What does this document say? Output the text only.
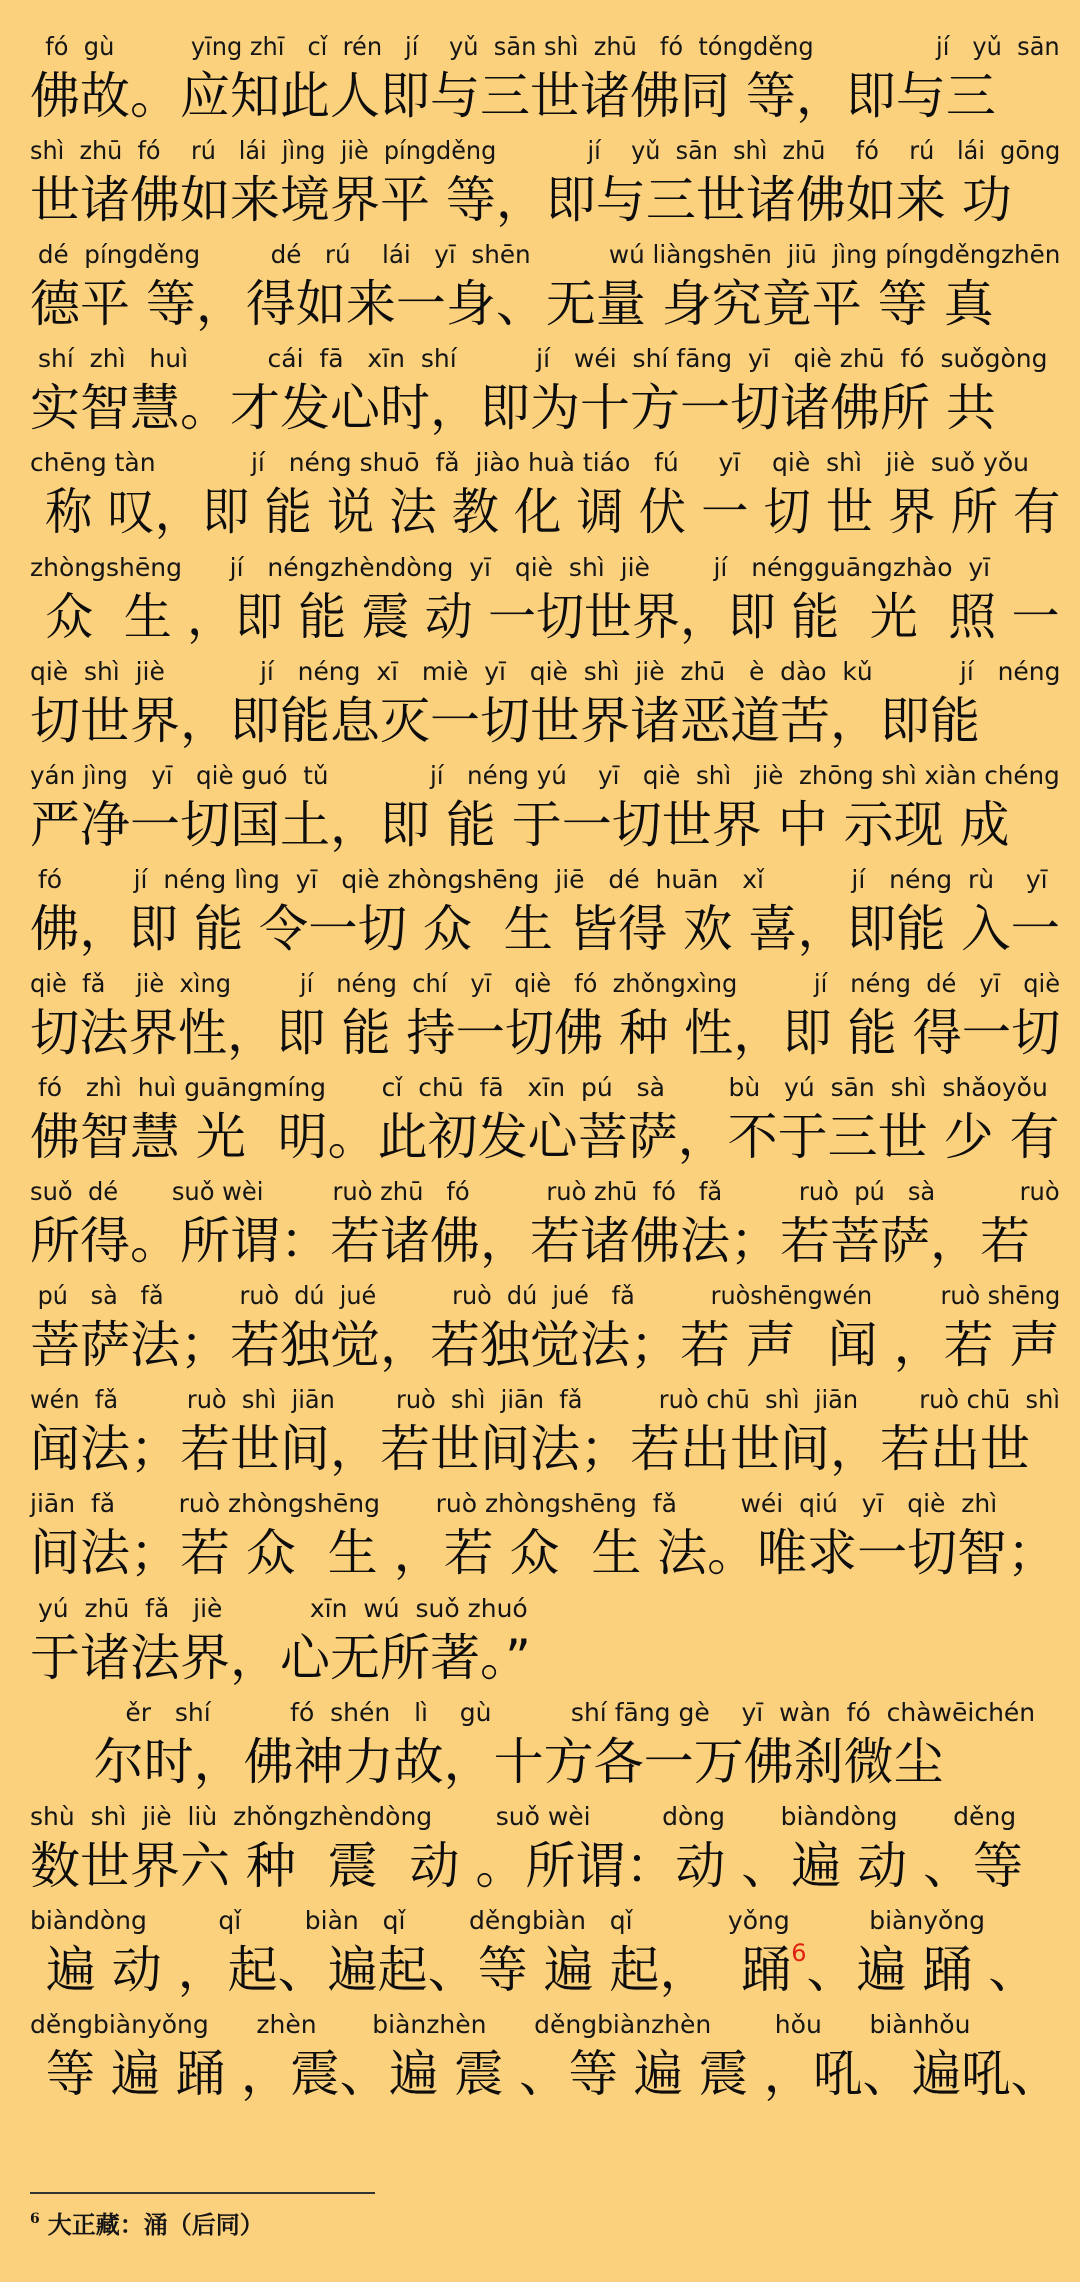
fó  gù          yīng zhī   cǐ  rén   jí    yǔ  sān shì  zhū   fó  tóngděng                jí   yǔ  sān
佛故。应知此人即与三世诸佛同 等，即与三
shì  zhū  fó    rú   lái  jìng  jiè  píngděng            jí    yǔ  sān  shì  zhū    fó    rú   lái  gōng
世诸佛如来境界平 等，即与三世诸佛如来 功
dé  píngděng         dé   rú    lái   yī  shēn          wú liàngshēn  jiū  jìng píngděngzhēn
德平 等，得如来一身、无量 身究竟平 等 真
shí  zhì   huì          cái  fā   xīn  shí          jí   wéi  shí fāng  yī   qiè zhū  fó  suǒgòng
实智慧。才发心时，即为十方一切诸佛所 共
chēng tàn            jí   néng shuō  fǎ  jiào huà tiáo   fú     yī    qiè  shì   jiè  suǒ yǒu
称 叹，即 能 说 法 教 化 调 伏 一 切 世 界 所 有
zhòngshēng      jí   néngzhèndòng  yī   qiè  shì  jiè        jí   néngguāngzhào  yī
众  生 ，即 能 震 动 一切世界，即 能  光  照 一
qiè  shì  jiè            jí   néng  xī   miè  yī   qiè  shì  jiè  zhū   è  dào  kǔ           jí   néng
切世界，即能息灭一切世界诸恶道苦，即能
yán jìng   yī   qiè guó  tǔ             jí   néng yú    yī   qiè  shì   jiè  zhōng shì xiàn chéng
严净一切国土，即 能 于一切世界 中 示现 成
fó         jí  néng lìng  yī   qiè zhòngshēng  jiē   dé  huān   xǐ           jí   néng  rù    yī
佛，即 能 令一切 众  生 皆得 欢 喜，即能 入一
qiè  fǎ    jiè  xìng         jí   néng  chí   yī   qiè   fó  zhǒngxìng          jí   néng  dé   yī   qiè
切法界性，即 能 持一切佛 种 性，即 能 得一切
fó   zhì  huì guāngmíng       cǐ  chū  fā   xīn  pú   sà        bù   yú  sān  shì  shǎoyǒu
佛智慧 光  明。此初发心菩萨，不于三世 少 有
suǒ  dé       suǒ wèi         ruò zhū   fó          ruò zhū  fó   fǎ          ruò  pú   sà           ruò
所得。所谓：若诸佛，若诸佛法；若菩萨，若
pú   sà   fǎ          ruò  dú  jué          ruò  dú  jué   fǎ          ruòshēngwén         ruò shēng
菩萨法；若独觉，若独觉法；若 声  闻 ，若 声
wén  fǎ         ruò  shì  jiān        ruò  shì  jiān  fǎ          ruò chū  shì  jiān        ruò chū  shì
闻法；若世间，若世间法；若出世间，若出世
jiān  fǎ        ruò zhòngshēng       ruò zhòngshēng  fǎ        wéi  qiú   yī   qiè  zhì
间法；若 众  生 ，若 众  生 法。唯求一切智；
yú  zhū  fǎ   jiè           xīn  wú  suǒ zhuó
于诸法界，心无所著。”
ěr   shí          fó  shén   lì    gù          shí fāng gè    yī  wàn  fó  chàwēichén
尔时，佛神力故，十方各一万佛刹微尘
shù  shì  jiè  liù  zhǒngzhèndòng        suǒ wèi         dòng       biàndòng       děng
数世界六 种  震  动 。所谓：动 、遍 动 、等
biàndòng         qǐ        biàn   qǐ        děngbiàn   qǐ            yǒng          biànyǒng
遍 动 ，起、遍起、等 遍 起，  踊$^6$、遍 踊 、
děngbiànyǒng      zhèn       biànzhèn      děngbiànzhèn        hǒu      biànhǒu
等 遍 踊 ，震、遍 震 、等 遍 震 ，吼、遍吼、
$^6$ 大正藏：涌（后同）
